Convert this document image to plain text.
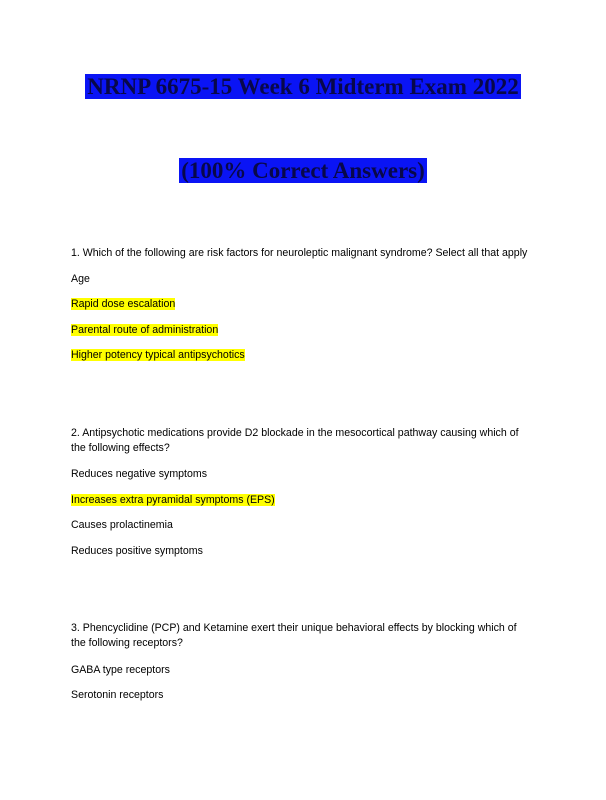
NRNP 6675-15 Week 6 Midterm Exam 2022
(100% Correct Answers)
1. Which of the following are risk factors for neuroleptic malignant syndrome? Select all that apply
Age
Rapid dose escalation
Parental route of administration
Higher potency typical antipsychotics
2. Antipsychotic medications provide D2 blockade in the mesocortical pathway causing which of the following effects?
Reduces negative symptoms
Increases extra pyramidal symptoms (EPS)
Causes prolactinemia
Reduces positive symptoms
3. Phencyclidine (PCP) and Ketamine exert their unique behavioral effects by blocking which of the following receptors?
GABA type receptors
Serotonin receptors
